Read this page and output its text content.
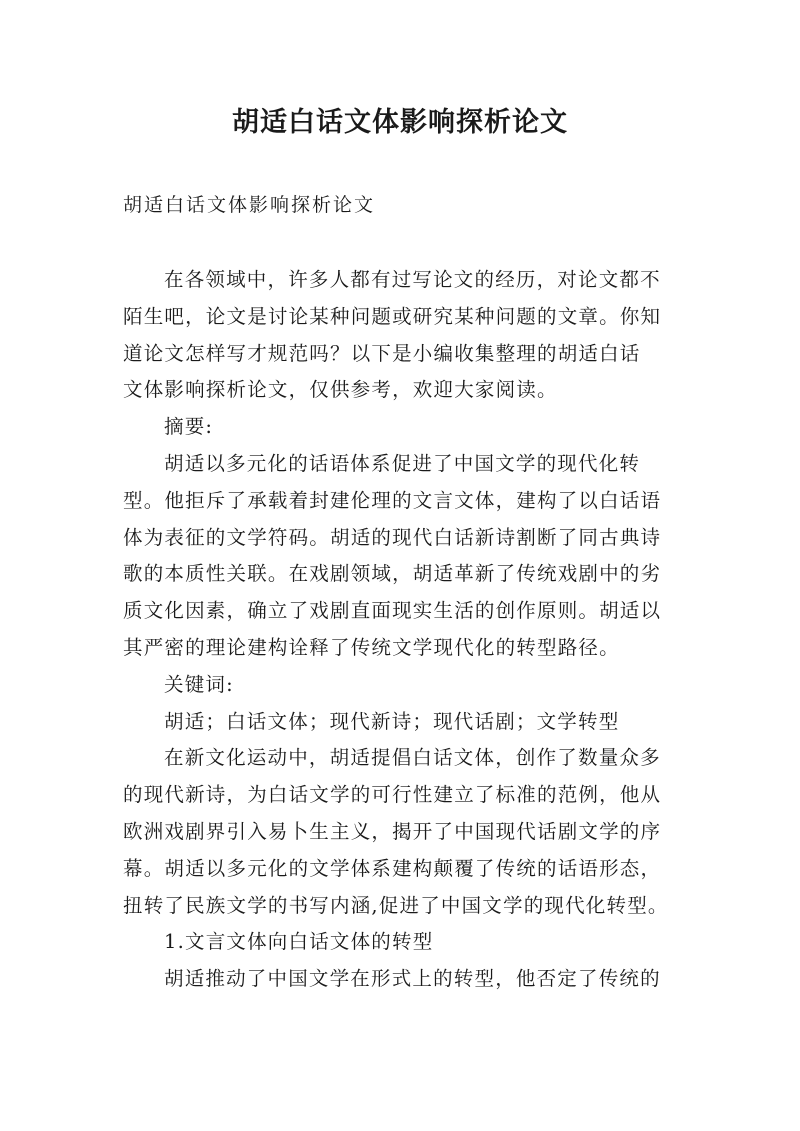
胡适白话文体影响探析论文
胡适白话文体影响探析论文
在各领域中，许多人都有过写论文的经历，对论文都不
陌生吧，论文是讨论某种问题或研究某种问题的文章。你知
道论文怎样写才规范吗？以下是小编收集整理的胡适白话
文体影响探析论文，仅供参考，欢迎大家阅读。
摘要:
胡适以多元化的话语体系促进了中国文学的现代化转
型。他拒斥了承载着封建伦理的文言文体，建构了以白话语
体为表征的文学符码。胡适的现代白话新诗割断了同古典诗
歌的本质性关联。在戏剧领域，胡适革新了传统戏剧中的劣
质文化因素，确立了戏剧直面现实生活的创作原则。胡适以
其严密的理论建构诠释了传统文学现代化的转型路径。
关键词:
胡适；白话文体；现代新诗；现代话剧；文学转型
在新文化运动中，胡适提倡白话文体，创作了数量众多
的现代新诗，为白话文学的可行性建立了标准的范例，他从
欧洲戏剧界引入易卜生主义，揭开了中国现代话剧文学的序
幕。胡适以多元化的文学体系建构颠覆了传统的话语形态，
扭转了民族文学的书写内涵,促进了中国文学的现代化转型。
1.文言文体向白话文体的转型
胡适推动了中国文学在形式上的转型，他否定了传统的
